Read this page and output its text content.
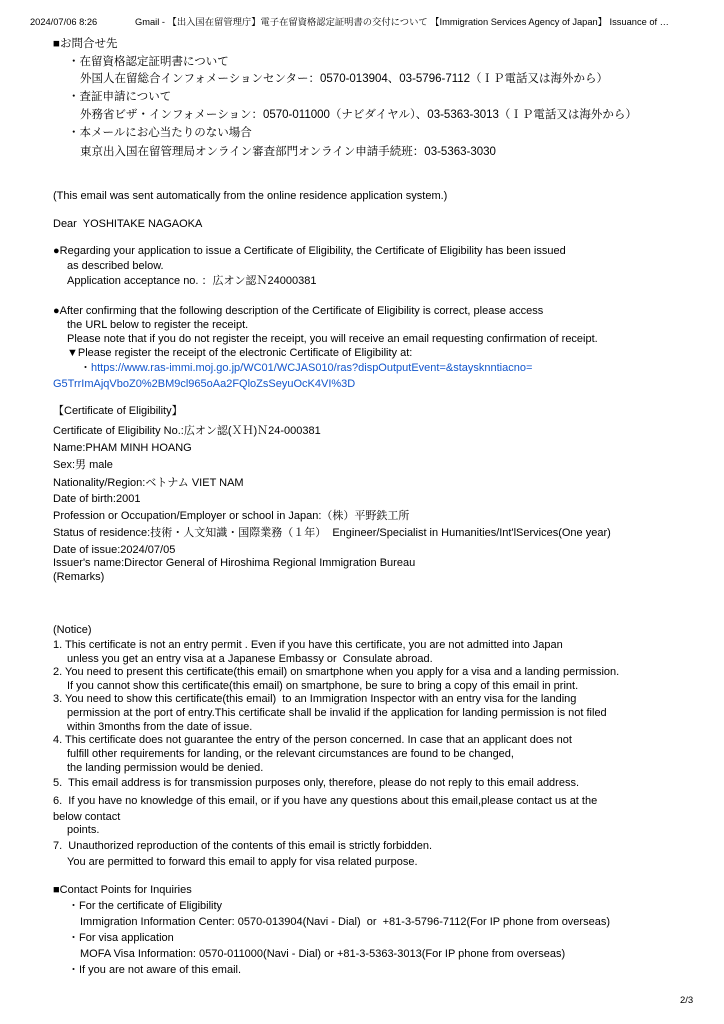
2024/07/06 8:26	Gmail - 【出入国在留管理庁】電子在留資格認定証明書の交付について 【Immigration Services Agency of Japan】 Issuance of …
■お問合せ先
・在留資格認定証明書について
外国人在留総合インフォメーションセンター：0570-013904、03-5796-7112（ＩＰ電話又は海外から）
・査証申請について
外務省ビザ・インフォメーション：0570-011000（ナビダイヤル）、03-5363-3013（ＩＰ電話又は海外から）
・本メールにお心当たりのない場合
東京出入国在留管理局オンライン審査部門オンライン申請手続班：03-5363-3030
(This email was sent automatically from the online residence application system.)
Dear  YOSHITAKE NAGAOKA
●Regarding your application to issue a Certificate of Eligibility, the Certificate of Eligibility has been issued
as described below.
Application acceptance no. ：広オン認Ｎ24000381
●After confirming that the following description of the Certificate of Eligibility is correct, please access
the URL below to register the receipt.
Please note that if you do not register the receipt, you will receive an email requesting confirmation of receipt.
▼Please register the receipt of the electronic Certificate of Eligibility at:
・https://www.ras-immi.moj.go.jp/WC01/WCJAS010/ras?dispOutputEvent=&staysknntiacno=
G5TrrImAjqVboZ0%2BM9cl965oAa2FQloZsSeyuOcK4VI%3D
【Certificate of Eligibility】
Certificate of Eligibility No.:広オン認(ＸＨ)Ｎ24-000381
Name:PHAM MINH HOANG
Sex:男 male
Nationality/Region:ベトナム VIET NAM
Date of birth:2001
Profession or Occupation/Employer or school in Japan:（株）平野鉄工所
Status of residence:技術・人文知識・国際業務（１年）  Engineer/Specialist in Humanities/Int'lServices(One year)
Date of issue:2024/07/05
Issuer's name:Director General of Hiroshima Regional Immigration Bureau
(Remarks)
(Notice)
1. This certificate is not an entry permit . Even if you have this certificate, you are not admitted into Japan
unless you get an entry visa at a Japanese Embassy or  Consulate abroad.
2. You need to present this certificate(this email) on smartphone when you apply for a visa and a landing permission.
If you cannot show this certificate(this email) on smartphone, be sure to bring a copy of this email in print.
3. You need to show this certificate(this email)  to an Immigration Inspector with an entry visa for the landing
permission at the port of entry.This certificate shall be invalid if the application for landing permission is not filed
within 3months from the date of issue.
4. This certificate does not guarantee the entry of the person concerned. In case that an applicant does not
fulfill other requirements for landing, or the relevant circumstances are found to be changed,
the landing permission would be denied.
5.  This email address is for transmission purposes only, therefore, please do not reply to this email address.
6.  If you have no knowledge of this email, or if you have any questions about this email,please contact us at the
below contact
points.
7.  Unauthorized reproduction of the contents of this email is strictly forbidden.
You are permitted to forward this email to apply for visa related purpose.
■Contact Points for Inquiries
・For the certificate of Eligibility
Immigration Information Center: 0570-013904(Navi - Dial)  or  +81-3-5796-7112(For IP phone from overseas)
・For visa application
MOFA Visa Information: 0570-011000(Navi - Dial) or +81-3-5363-3013(For IP phone from overseas)
・If you are not aware of this email.
2/3
